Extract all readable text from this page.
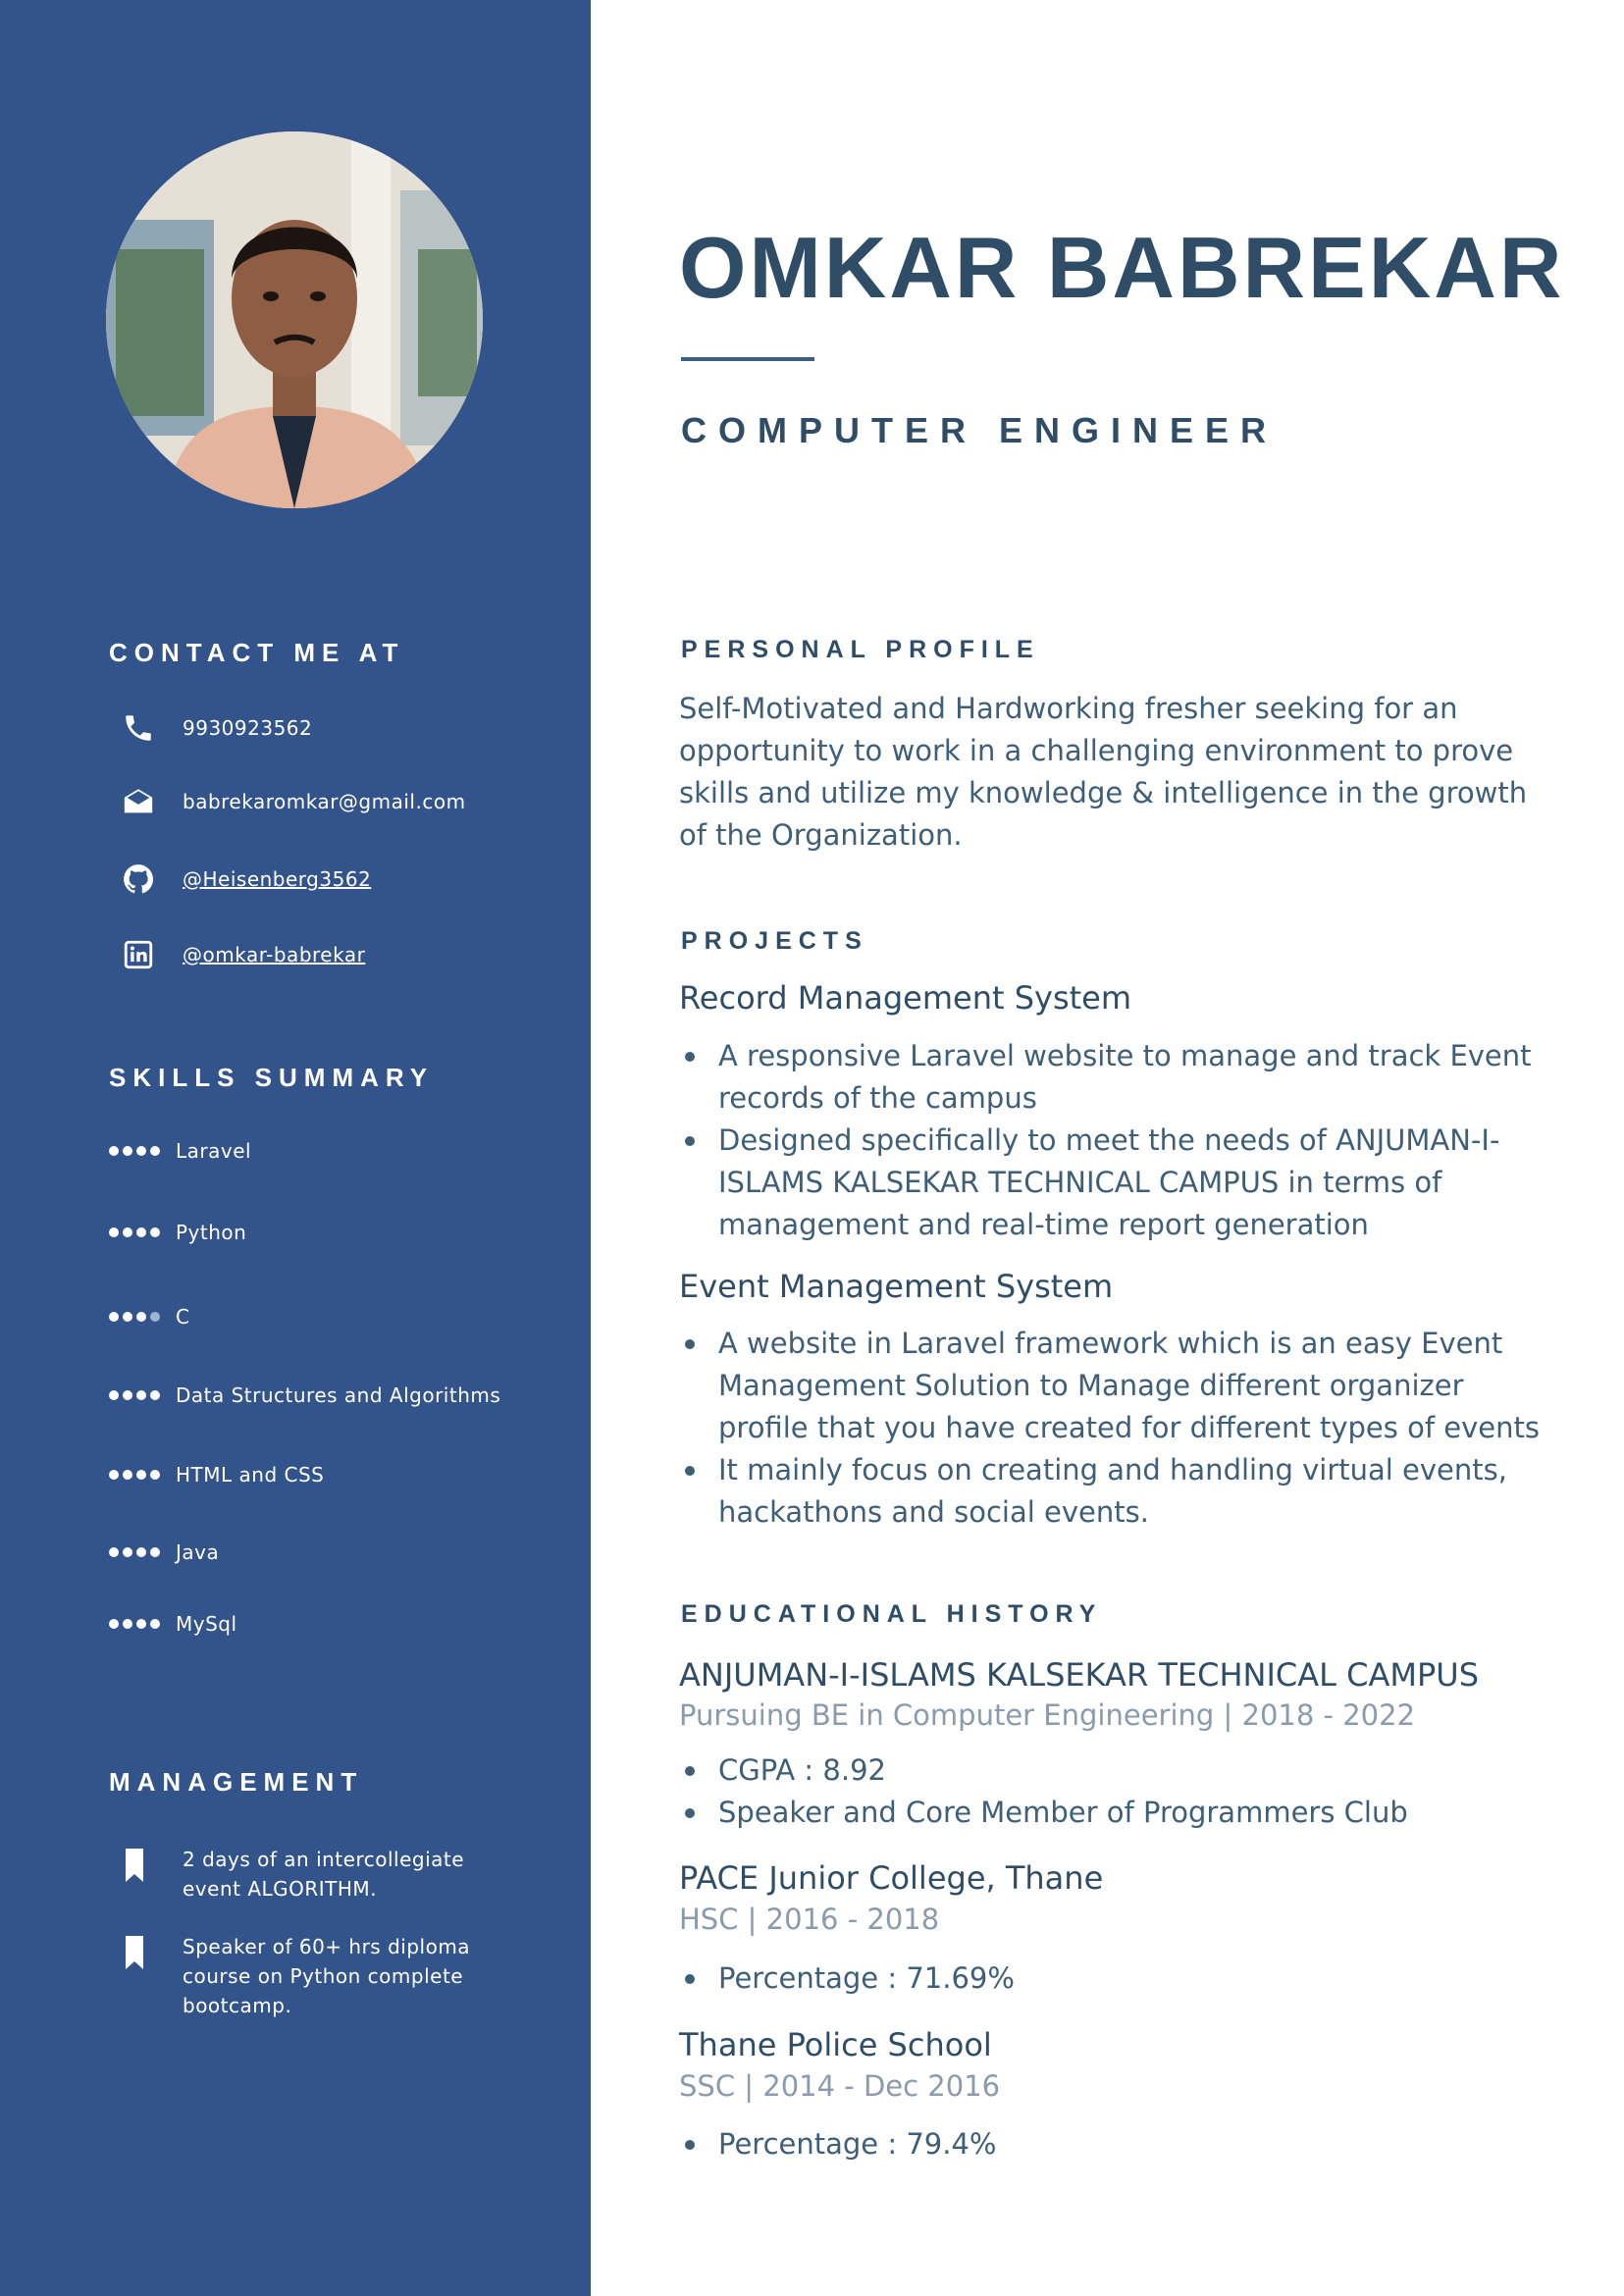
CONTACT ME AT
9930923562
babrekaromkar@gmail.com
@Heisenberg3562
@omkar-babrekar
SKILLS SUMMARY
Laravel
Python
C
Data Structures and Algorithms
HTML and CSS
Java
MySql
MANAGEMENT
2 days of an intercollegiate event ALGORITHM.
Speaker of 60+ hrs diploma course on Python complete bootcamp.
OMKAR BABREKAR
COMPUTER ENGINEER
PERSONAL PROFILE
Self-Motivated and Hardworking fresher seeking for an opportunity to work in a challenging environment to prove skills and utilize my knowledge & intelligence in the growth of the Organization.
PROJECTS
Record Management System
A responsive Laravel website to manage and track Event records of the campus
Designed specifically to meet the needs of ANJUMAN-I-ISLAMS KALSEKAR TECHNICAL CAMPUS in terms of management and real-time report generation
Event Management System
A website in Laravel framework which is an easy Event Management Solution to Manage different organizer profile that you have created for different types of events
It mainly focus on creating and handling virtual events, hackathons and social events.
EDUCATIONAL HISTORY
ANJUMAN-I-ISLAMS KALSEKAR TECHNICAL CAMPUS
Pursuing BE in Computer Engineering | 2018 - 2022
CGPA : 8.92
Speaker and Core Member of Programmers Club
PACE Junior College, Thane
HSC | 2016 - 2018
Percentage : 71.69%
Thane Police School
SSC | 2014 - Dec 2016
Percentage : 79.4%
